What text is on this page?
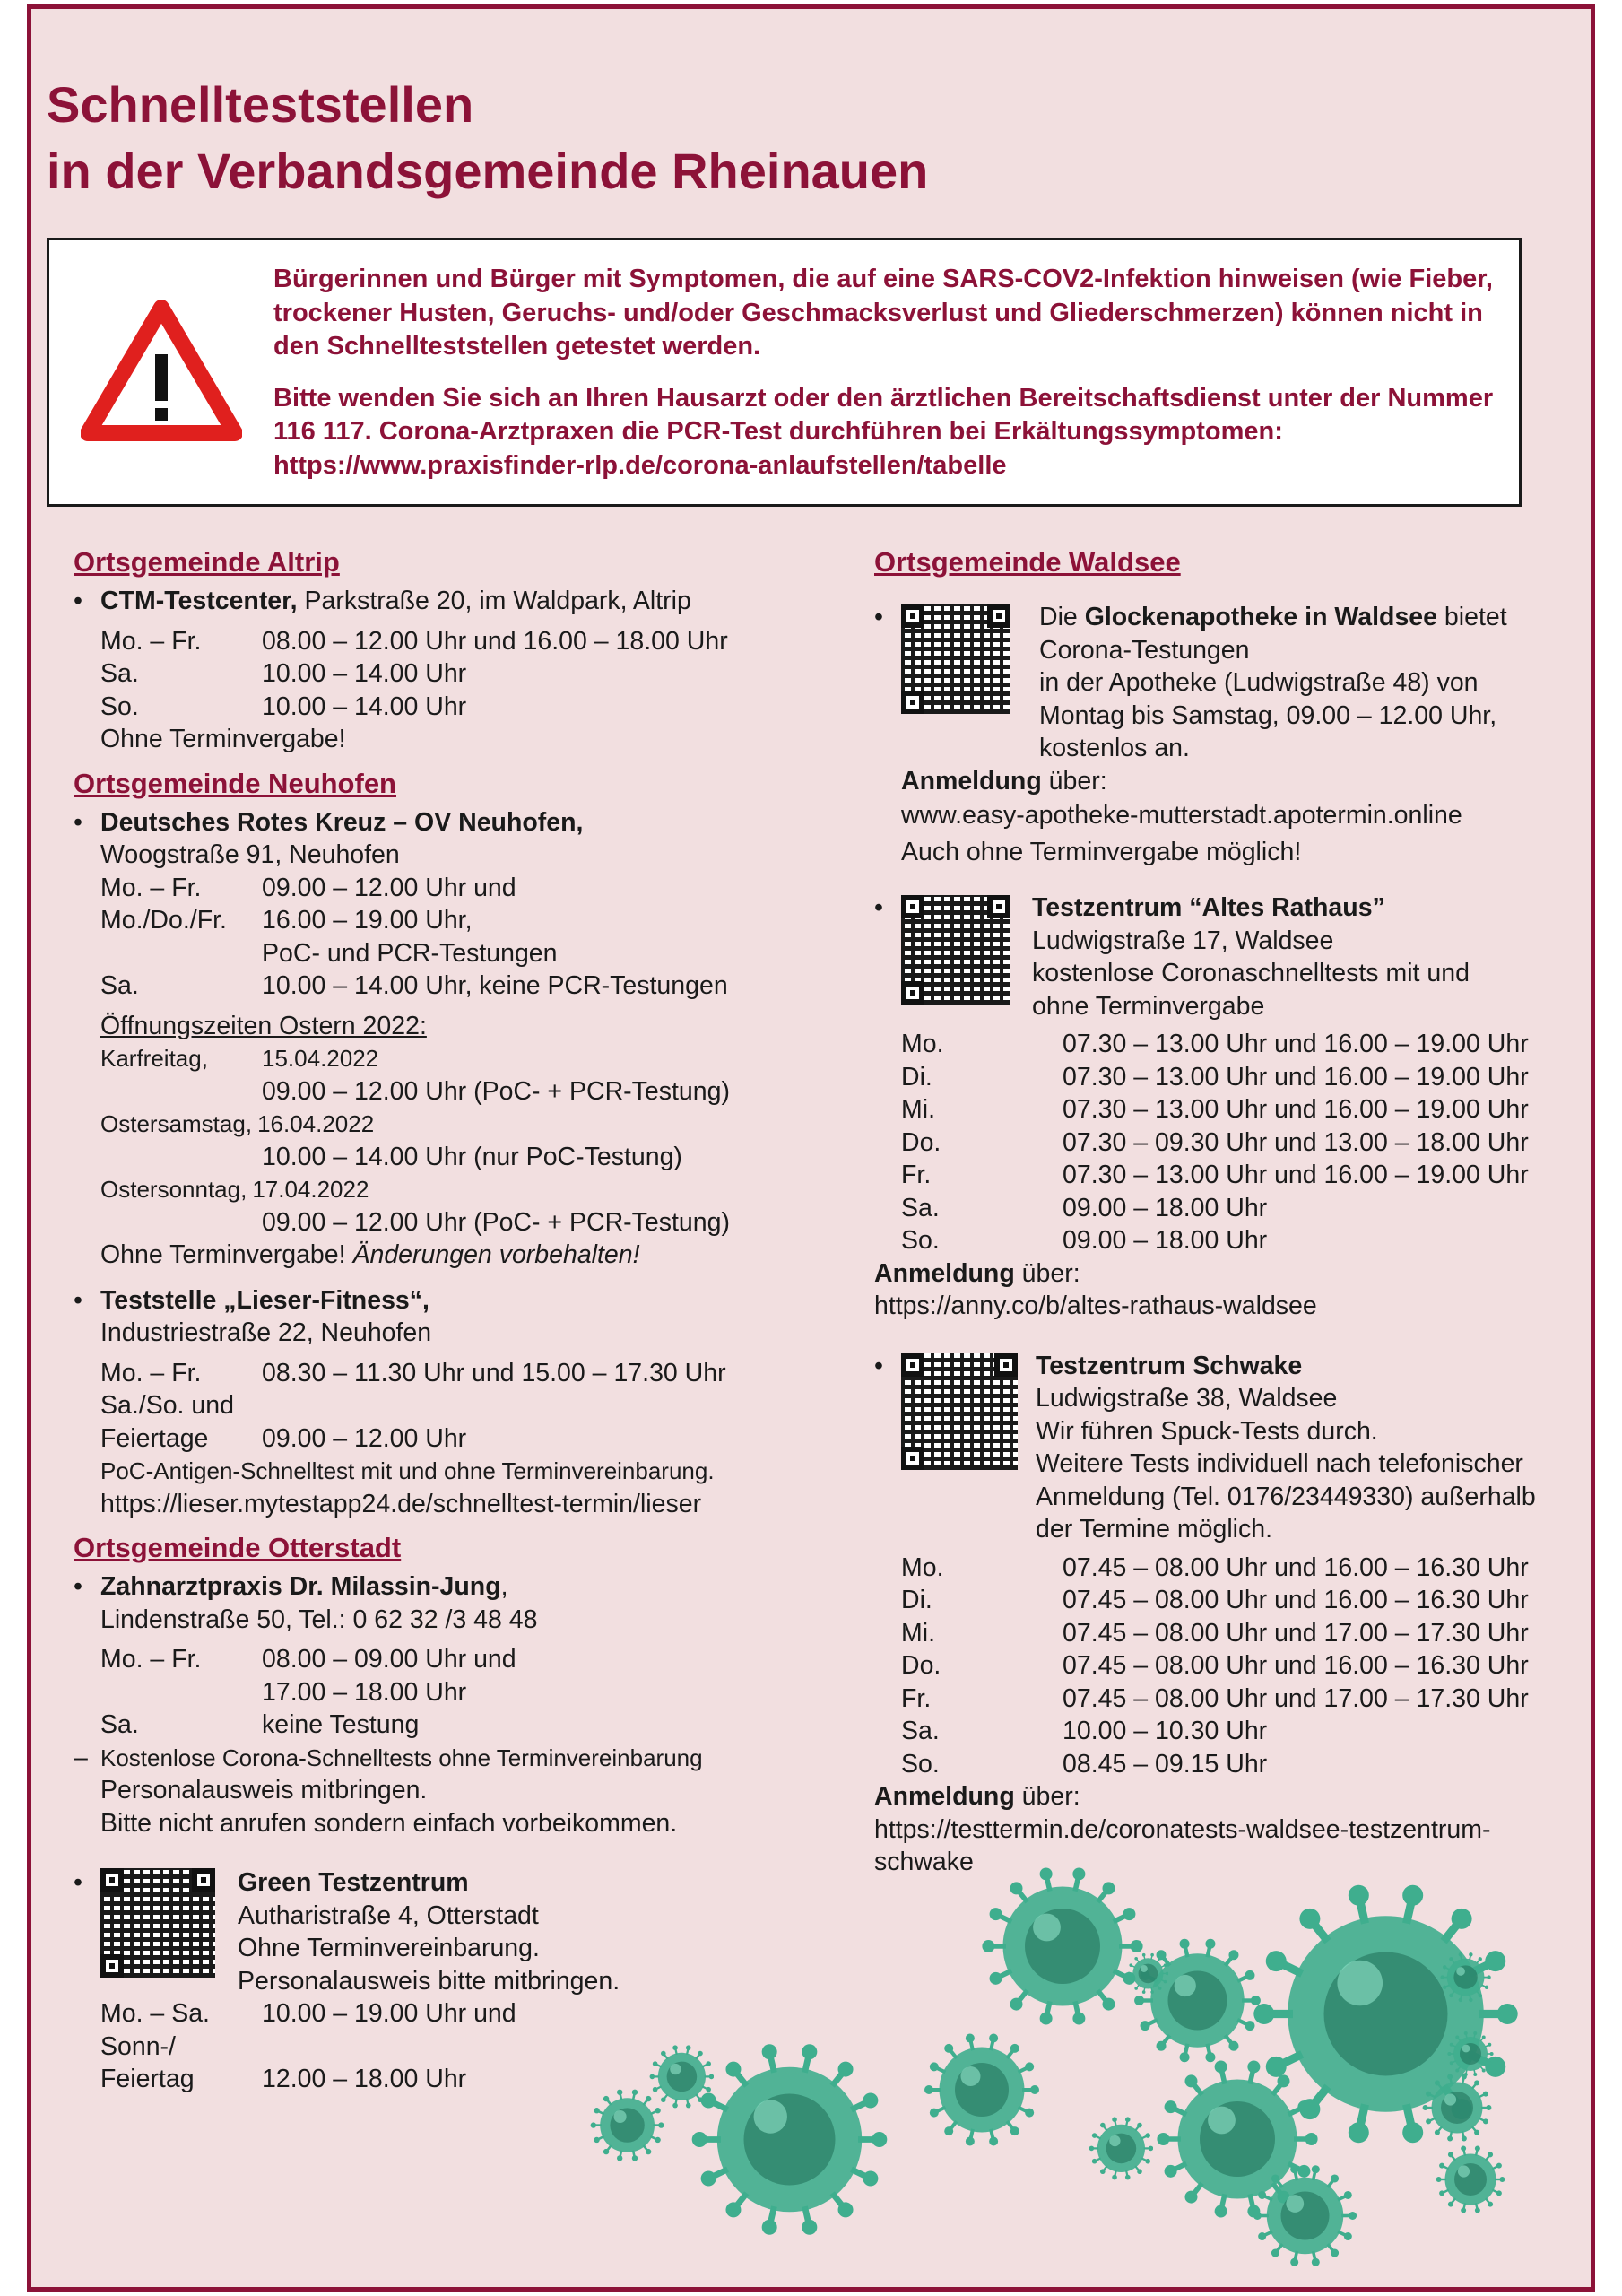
Schnellteststellen
in der Verbandsgemeinde Rheinauen

Bürgerinnen und Bürger mit Symptomen, die auf eine SARS-COV2-Infektion hinweisen (wie Fieber, trockener Husten, Geruchs- und/oder Geschmacksverlust und Gliederschmerzen) können nicht in den Schnellteststellen getestet werden.

Bitte wenden Sie sich an Ihren Hausarzt oder den ärztlichen Bereitschaftsdienst unter der Nummer 116 117. Corona-Arztpraxen die PCR-Test durchführen bei Erkältungssymptomen: https://www.praxisfinder-rlp.de/corona-anlaufstellen/tabelle

Ortsgemeinde Altrip
• CTM-Testcenter, Parkstraße 20, im Waldpark, Altrip
Mo. – Fr.	08.00 – 12.00 Uhr und 16.00 – 18.00 Uhr
Sa.	10.00 – 14.00 Uhr
So.	10.00 – 14.00 Uhr
Ohne Terminvergabe!
Ortsgemeinde Neuhofen
• Deutsches Rotes Kreuz – OV Neuhofen,
Woogstraße 91, Neuhofen
Mo. – Fr.	09.00 – 12.00 Uhr und
Mo./Do./Fr.	16.00 – 19.00 Uhr,
PoC- und PCR-Testungen
Sa.	10.00 – 14.00 Uhr, keine PCR-Testungen
Öffnungszeiten Ostern 2022:
Karfreitag,	15.04.2022
09.00 – 12.00 Uhr (PoC- + PCR-Testung)
Ostersamstag, 16.04.2022
10.00 – 14.00 Uhr (nur PoC-Testung)
Ostersonntag, 17.04.2022
09.00 – 12.00 Uhr (PoC- + PCR-Testung)
Ohne Terminvergabe! Änderungen vorbehalten!
• Teststelle „Lieser-Fitness“,
Industriestraße 22, Neuhofen
Mo. – Fr.	08.30 – 11.30 Uhr und 15.00 – 17.30 Uhr
Sa./So. und
Feiertage	09.00 – 12.00 Uhr
PoC-Antigen-Schnelltest mit und ohne Terminvereinbarung.
https://lieser.mytestapp24.de/schnelltest-termin/lieser
Ortsgemeinde Otterstadt
• Zahnarztpraxis Dr. Milassin-Jung,
Lindenstraße 50, Tel.: 0 62 32 /3 48 48
Mo. – Fr.	08.00 – 09.00 Uhr und
17.00 – 18.00 Uhr
Sa.	keine Testung
– Kostenlose Corona-Schnelltests ohne Terminvereinbarung
Personalausweis mitbringen.
Bitte nicht anrufen sondern einfach vorbeikommen.
•	Green Testzentrum
Autharistraße 4, Otterstadt
Ohne Terminvereinbarung.
Personalausweis bitte mitbringen.
Mo. – Sa.	10.00 – 19.00 Uhr und
Sonn-/
Feiertag	12.00 – 18.00 Uhr
Ortsgemeinde Waldsee
•	Die Glockenapotheke in Waldsee bietet
Corona-Testungen
in der Apotheke (Ludwigstraße 48) von
Montag bis Samstag, 09.00 – 12.00 Uhr,
kostenlos an.
Anmeldung über:
www.easy-apotheke-mutterstadt.apotermin.online
Auch ohne Terminvergabe möglich!
•	Testzentrum “Altes Rathaus”
Ludwigstraße 17, Waldsee
kostenlose Coronaschnelltests mit und
ohne Terminvergabe
Mo.	07.30 – 13.00 Uhr und 16.00 – 19.00 Uhr
Di.	07.30 – 13.00 Uhr und 16.00 – 19.00 Uhr
Mi.	07.30 – 13.00 Uhr und 16.00 – 19.00 Uhr
Do.	07.30 – 09.30 Uhr und 13.00 – 18.00 Uhr
Fr.	07.30 – 13.00 Uhr und 16.00 – 19.00 Uhr
Sa.	09.00 – 18.00 Uhr
So.	09.00 – 18.00 Uhr
Anmeldung über:
https://anny.co/b/altes-rathaus-waldsee
•	Testzentrum Schwake
Ludwigstraße 38, Waldsee
Wir führen Spuck-Tests durch.
Weitere Tests individuell nach telefonischer
Anmeldung (Tel. 0176/23449330) außerhalb
der Termine möglich.
Mo.	07.45 – 08.00 Uhr und 16.00 – 16.30 Uhr
Di.	07.45 – 08.00 Uhr und 16.00 – 16.30 Uhr
Mi.	07.45 – 08.00 Uhr und 17.00 – 17.30 Uhr
Do.	07.45 – 08.00 Uhr und 16.00 – 16.30 Uhr
Fr.	07.45 – 08.00 Uhr und 17.00 – 17.30 Uhr
Sa.	10.00 – 10.30 Uhr
So.	08.45 – 09.15 Uhr
Anmeldung über:
https://testtermin.de/coronatests-waldsee-testzentrum-
schwake
